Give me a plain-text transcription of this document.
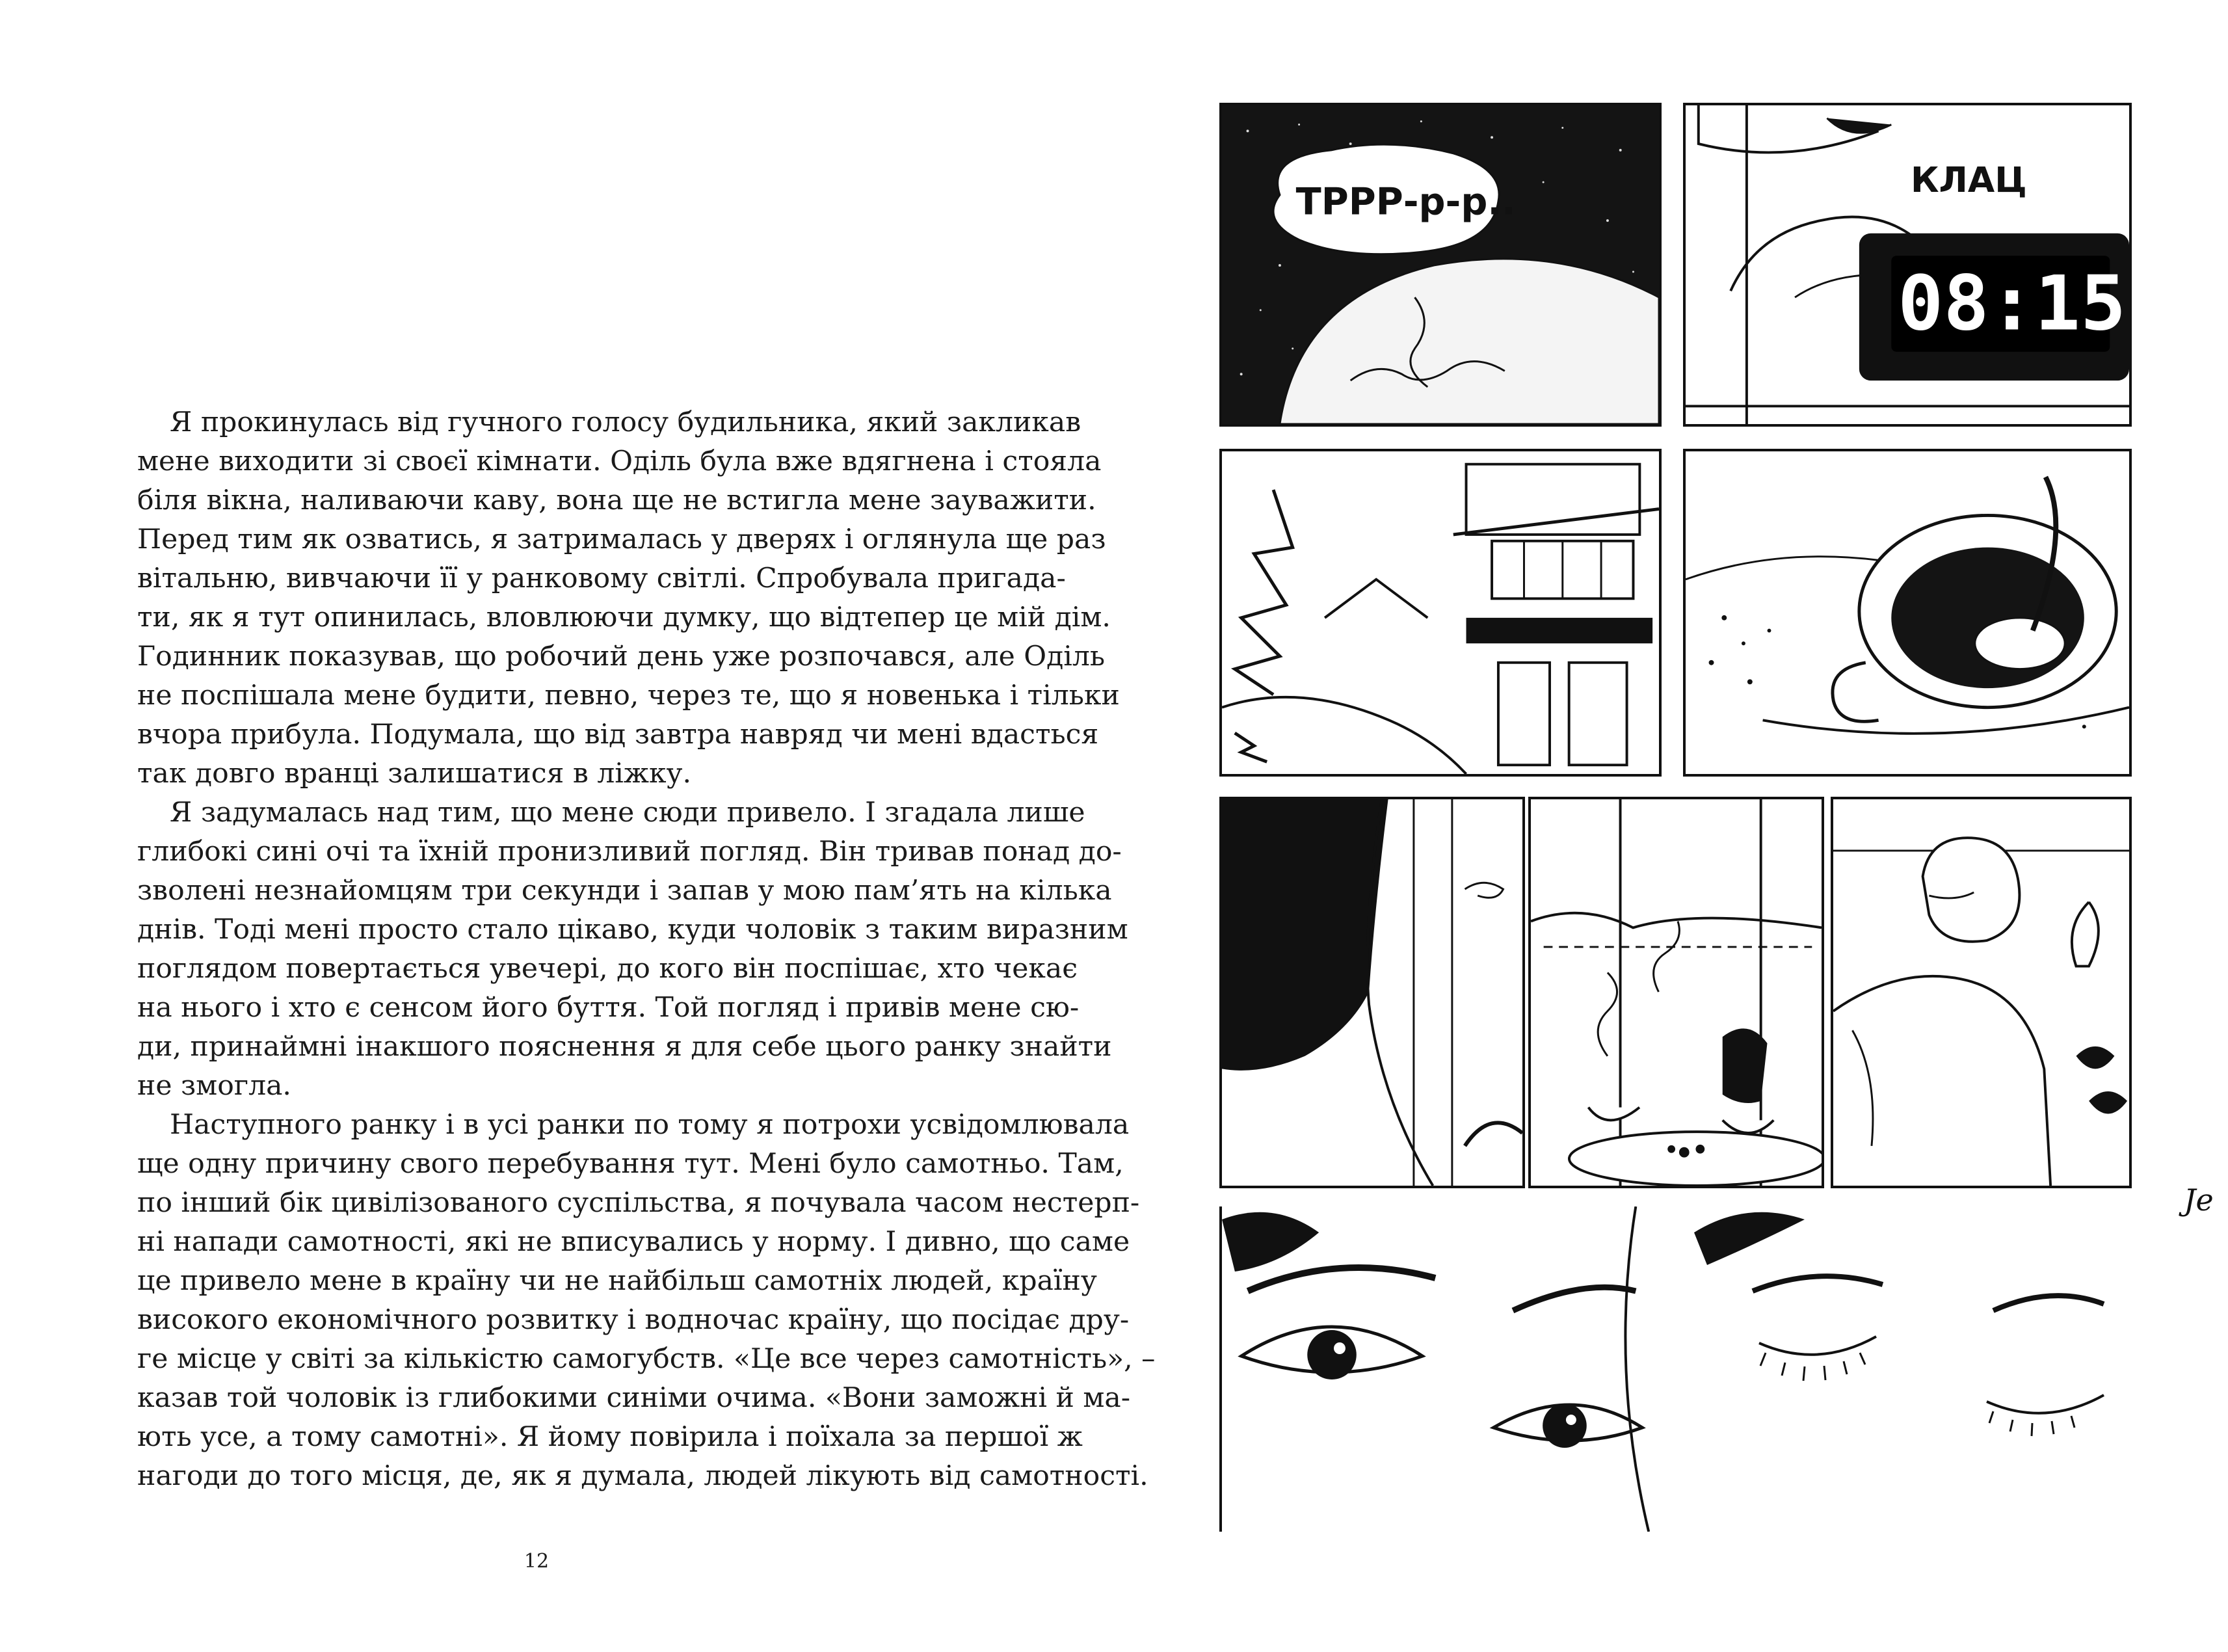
Я прокинулась від гучного голосу будильника, який закликав
мене виходити зі своєї кімнати. Оділь була вже вдягнена і стояла
біля вікна, наливаючи каву, вона ще не встигла мене зауважити.
Перед тим як озватись, я затрималась у дверях і оглянула ще раз
вітальню, вивчаючи її у ранковому світлі. Спробувала пригада-
ти, як я тут опинилась, вловлюючи думку, що відтепер це мій дім.
Годинник показував, що робочий день уже розпочався, але Оділь
не поспішала мене будити, певно, через те, що я новенька і тільки
вчора прибула. Подумала, що від завтра навряд чи мені вдасться
так довго вранці залишатися в ліжку.
Я задумалась над тим, що мене сюди привело. І згадала лише
глибокі сині очі та їхній пронизливий погляд. Він тривав понад до-
зволені незнайомцям три секунди і запав у мою пам’ять на кілька
днів. Тоді мені просто стало цікаво, куди чоловік з таким виразним
поглядом повертається увечері, до кого він поспішає, хто чекає
на нього і хто є сенсом його буття. Той погляд і привів мене сю-
ди, принаймні інакшого пояснення я для себе цього ранку знайти
не змогла.
Наступного ранку і в усі ранки по тому я потрохи усвідомлювала
ще одну причину свого перебування тут. Мені було самотньо. Там,
по інший бік цивілізованого суспільства, я почувала часом нестерп-
ні напади самотності, які не вписувались у норму. І дивно, що саме
це привело мене в країну чи не найбільш самотніх людей, країну
високого економічного розвитку і водночас країну, що посідає дру-
ге місце у світі за кількістю самогубств. «Це все через самотність», –
казав той чоловік із глибокими синіми очима. «Вони заможні й ма-
ють усе, а тому самотні». Я йому повірила і поїхала за першої ж
нагоди до того місця, де, як я думала, людей лікують від самотності.
12
ТРРР-р-р..
КЛАЦ
08:15
Je
